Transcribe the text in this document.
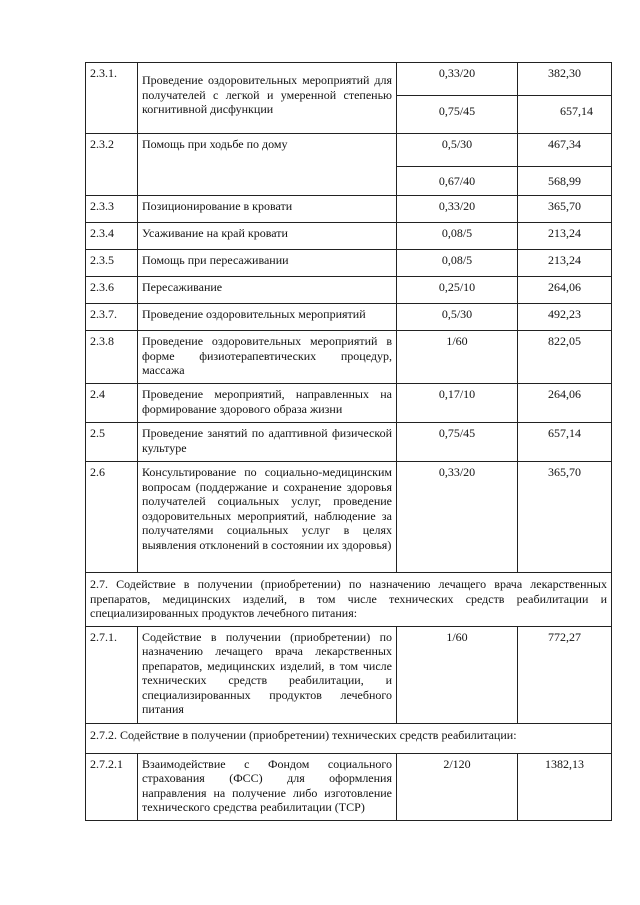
2.3.1.	Проведение оздоровительных мероприятий для получателей с легкой и умеренной степенью когнитивной дисфункции	0,33/20	382,30
		0,75/45	657,14
2.3.2	Помощь при ходьбе по дому	0,5/30	467,34
		0,67/40	568,99
2.3.3	Позиционирование в кровати	0,33/20	365,70
2.3.4	Усаживание на край кровати	0,08/5	213,24
2.3.5	Помощь при пересаживании	0,08/5	213,24
2.3.6	Пересаживание	0,25/10	264,06
2.3.7.	Проведение оздоровительных мероприятий	0,5/30	492,23
2.3.8	Проведение оздоровительных мероприятий в форме физиотерапевтических процедур, массажа	1/60	822,05
2.4	Проведение мероприятий, направленных на формирование здорового образа жизни	0,17/10	264,06
2.5	Проведение занятий по адаптивной физической культуре	0,75/45	657,14
2.6	Консультирование по социально-медицинским вопросам (поддержание и сохранение здоровья получателей социальных услуг, проведение оздоровительных мероприятий, наблюдение за получателями социальных услуг в целях выявления отклонений в состоянии их здоровья)	0,33/20	365,70
2.7. Содействие в получении (приобретении) по назначению лечащего врача лекарственных препаратов, медицинских изделий, в том числе технических средств реабилитации и специализированных продуктов лечебного питания:			
2.7.1.	Содействие в получении (приобретении) по назначению лечащего врача лекарственных препаратов, медицинских изделий, в том числе технических средств реабилитации, и специализированных продуктов лечебного питания	1/60	772,27
2.7.2. Содействие в получении (приобретении) технических средств реабилитации:			
2.7.2.1	Взаимодействие с Фондом социального страхования (ФСС) для оформления направления на получение либо изготовление технического средства реабилитации (ТСР)	2/120	1382,13
